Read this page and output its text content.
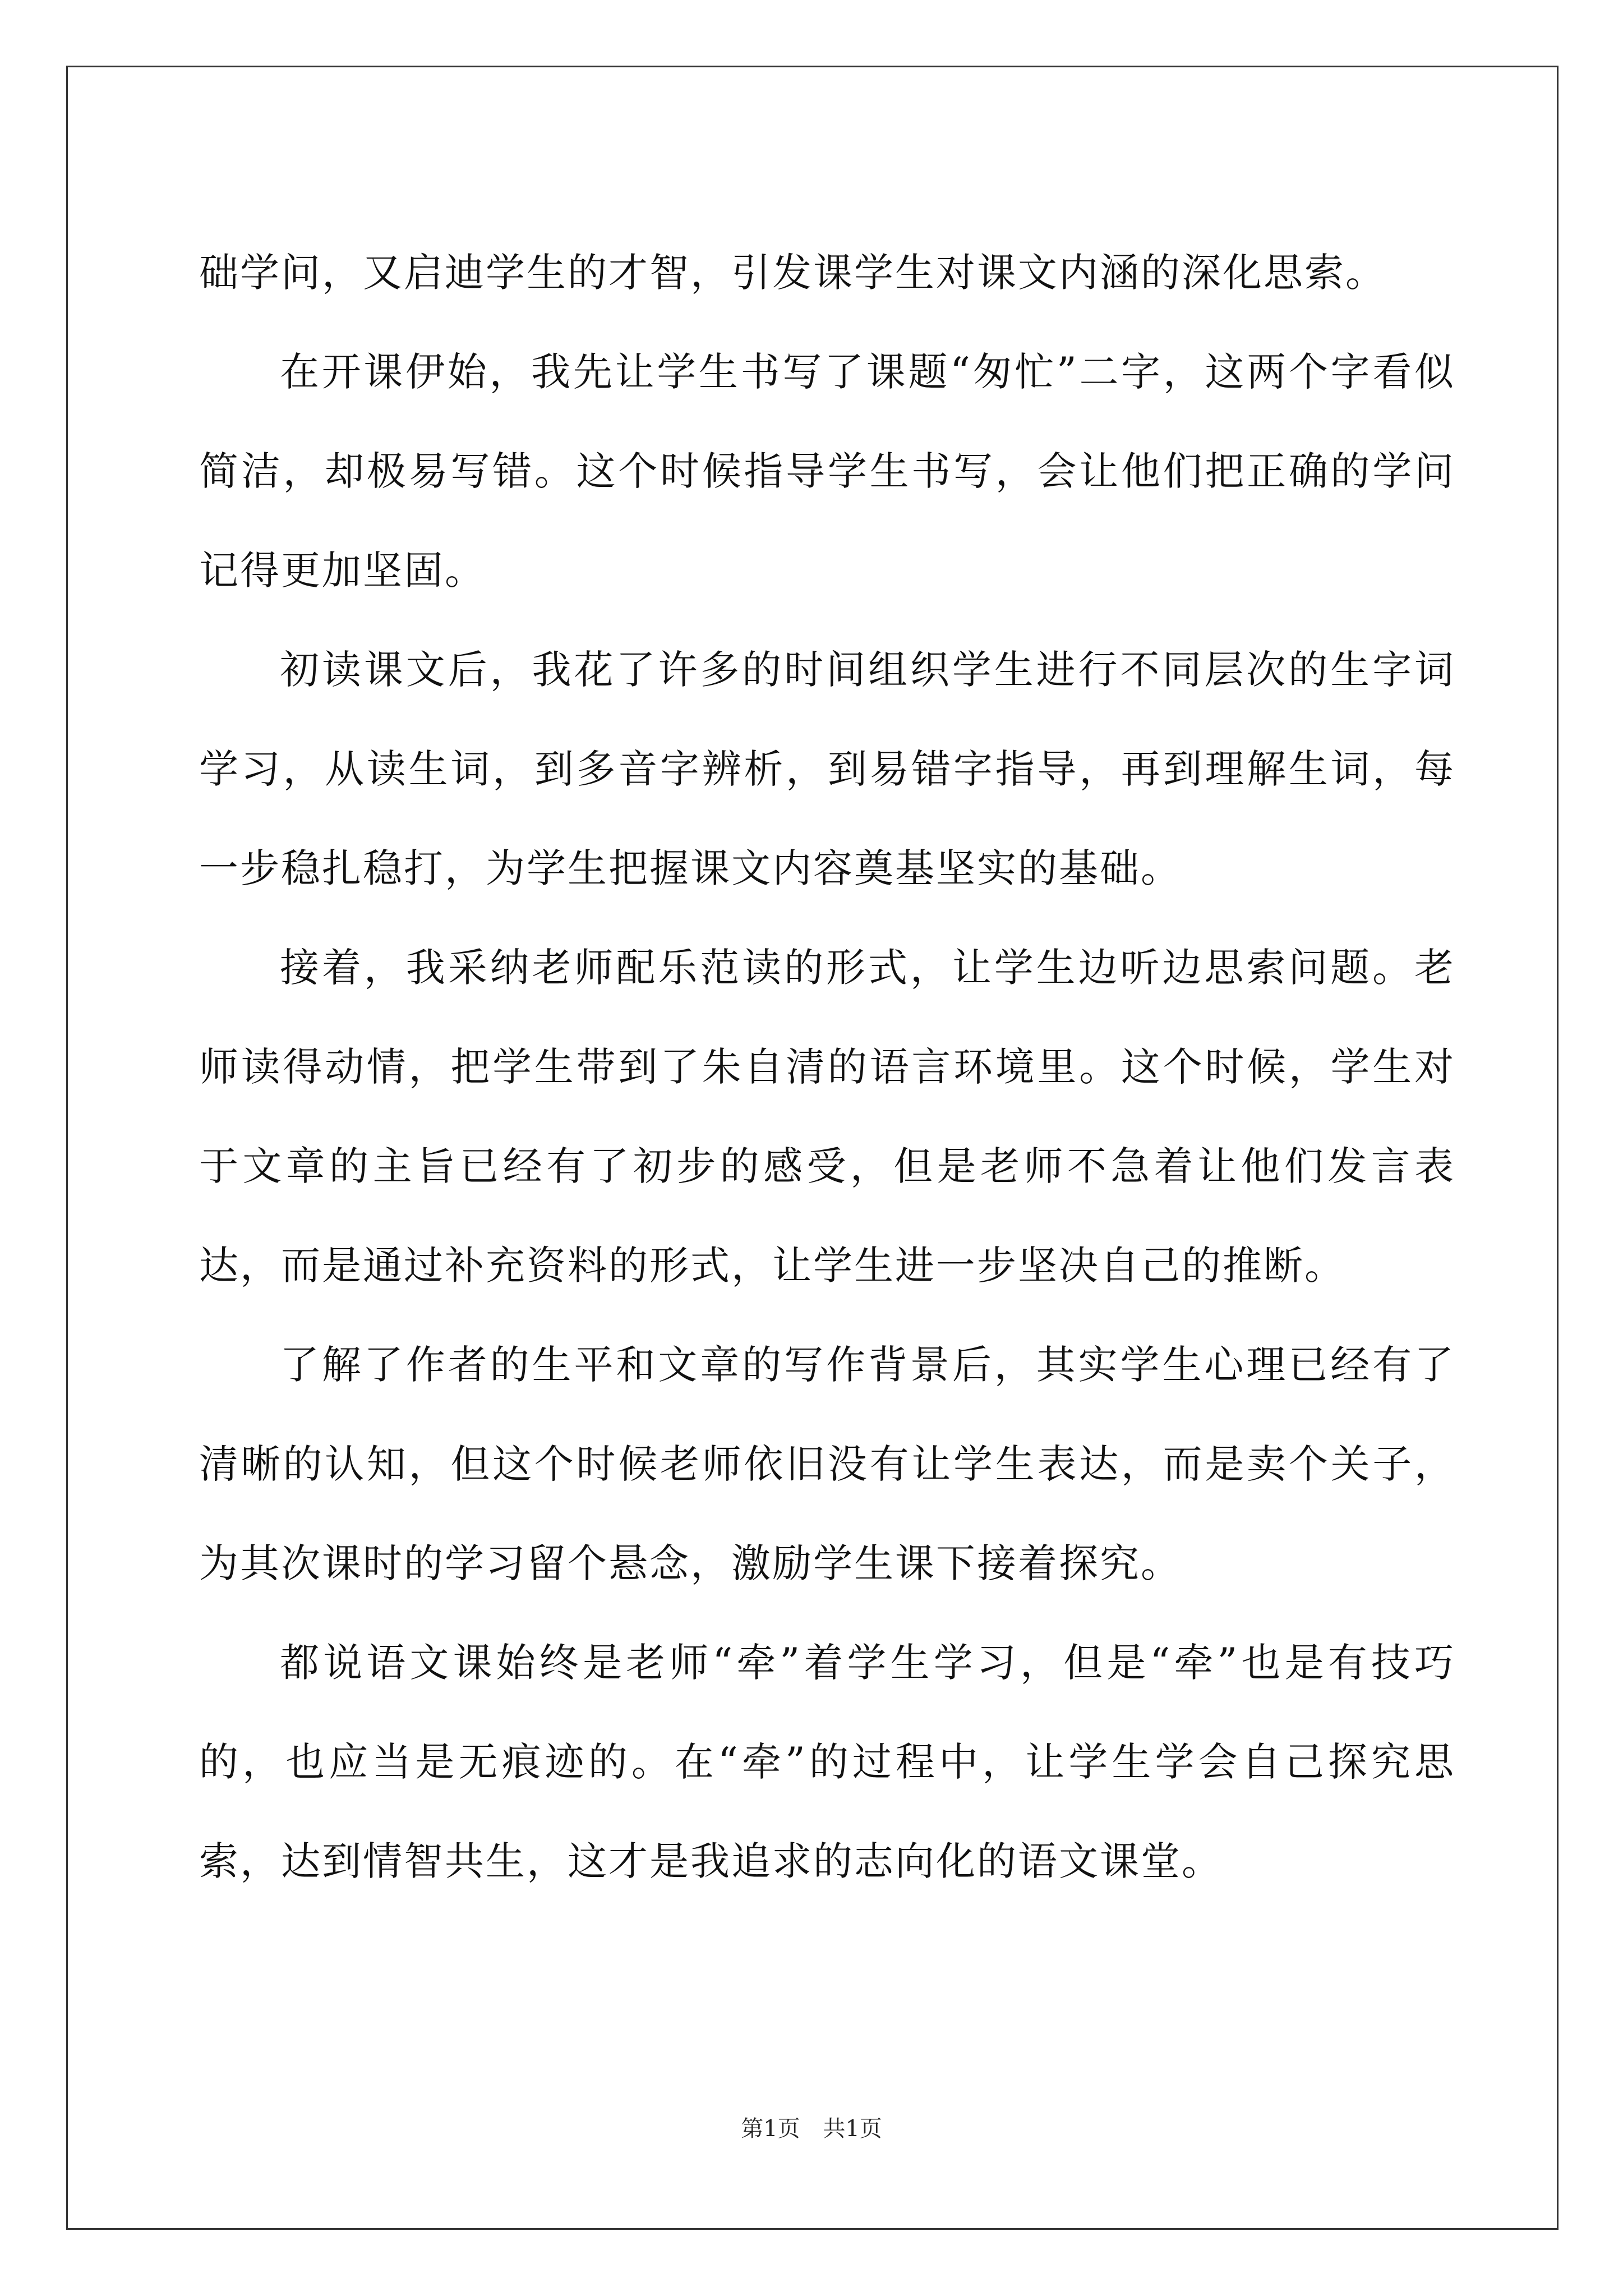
础学问，又启迪学生的才智，引发课学生对课文内涵的深化思索。

在开课伊始，我先让学生书写了课题“匆忙”二字，这两个字看似简洁，却极易写错。这个时候指导学生书写，会让他们把正确的学问记得更加坚固。

初读课文后，我花了许多的时间组织学生进行不同层次的生字词学习，从读生词，到多音字辨析，到易错字指导，再到理解生词，每一步稳扎稳打，为学生把握课文内容奠基坚实的基础。

接着，我采纳老师配乐范读的形式，让学生边听边思索问题。老师读得动情，把学生带到了朱自清的语言环境里。这个时候，学生对于文章的主旨已经有了初步的感受，但是老师不急着让他们发言表达，而是通过补充资料的形式，让学生进一步坚决自己的推断。

了解了作者的生平和文章的写作背景后，其实学生心理已经有了清晰的认知，但这个时候老师依旧没有让学生表达，而是卖个关子，为其次课时的学习留个悬念，激励学生课下接着探究。

都说语文课始终是老师“牵”着学生学习，但是“牵”也是有技巧的，也应当是无痕迹的。在“牵”的过程中，让学生学会自己探究思索，达到情智共生，这才是我追求的志向化的语文课堂。

第1页 共1页
